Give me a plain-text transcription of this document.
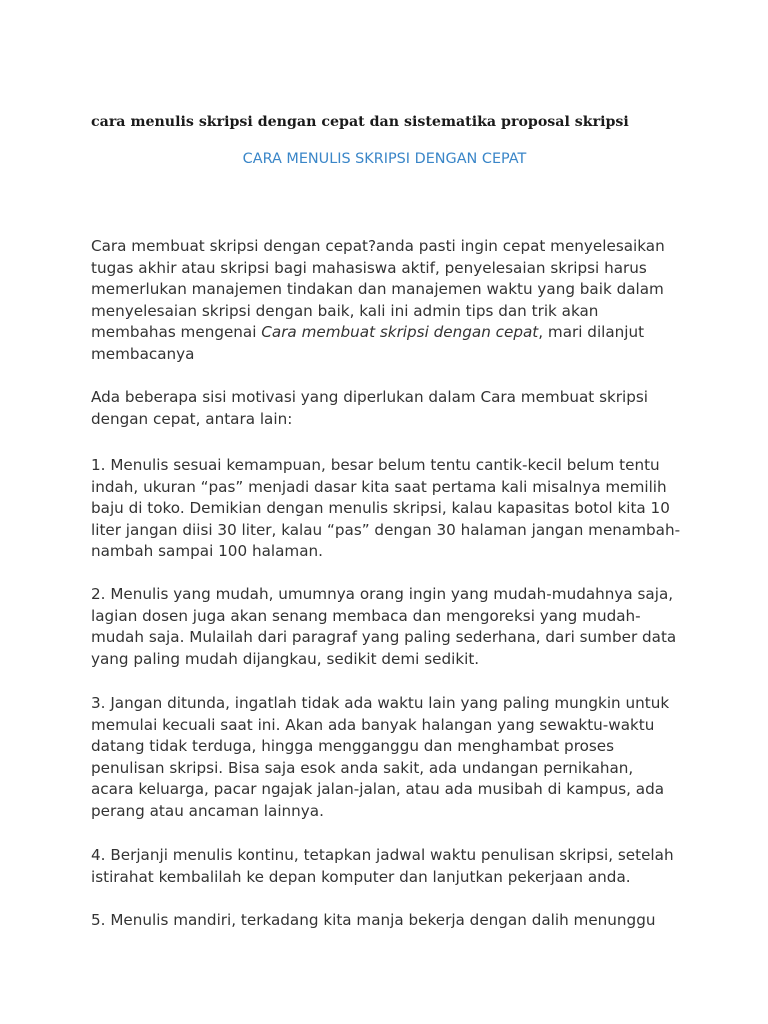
cara menulis skripsi dengan cepat dan sistematika proposal skripsi
CARA MENULIS SKRIPSI DENGAN CEPAT

Cara membuat skripsi dengan cepat?anda pasti ingin cepat menyelesaikan
tugas akhir atau skripsi bagi mahasiswa aktif, penyelesaian skripsi harus
memerlukan manajemen tindakan dan manajemen waktu yang baik dalam
menyelesaian skripsi dengan baik, kali ini admin tips dan trik akan
membahas mengenai Cara membuat skripsi dengan cepat, mari dilanjut
membacanya

Ada beberapa sisi motivasi yang diperlukan dalam Cara membuat skripsi
dengan cepat, antara lain:

1. Menulis sesuai kemampuan, besar belum tentu cantik-kecil belum tentu
indah, ukuran “pas” menjadi dasar kita saat pertama kali misalnya memilih
baju di toko. Demikian dengan menulis skripsi, kalau kapasitas botol kita 10
liter jangan diisi 30 liter, kalau “pas” dengan 30 halaman jangan menambah-
nambah sampai 100 halaman.

2. Menulis yang mudah, umumnya orang ingin yang mudah-mudahnya saja,
lagian dosen juga akan senang membaca dan mengoreksi yang mudah-
mudah saja. Mulailah dari paragraf yang paling sederhana, dari sumber data
yang paling mudah dijangkau, sedikit demi sedikit.

3. Jangan ditunda, ingatlah tidak ada waktu lain yang paling mungkin untuk
memulai kecuali saat ini. Akan ada banyak halangan yang sewaktu-waktu
datang tidak terduga, hingga mengganggu dan menghambat proses
penulisan skripsi. Bisa saja esok anda sakit, ada undangan pernikahan,
acara keluarga, pacar ngajak jalan-jalan, atau ada musibah di kampus, ada
perang atau ancaman lainnya.

4. Berjanji menulis kontinu, tetapkan jadwal waktu penulisan skripsi, setelah
istirahat kembalilah ke depan komputer dan lanjutkan pekerjaan anda.

5. Menulis mandiri, terkadang kita manja bekerja dengan dalih menunggu
